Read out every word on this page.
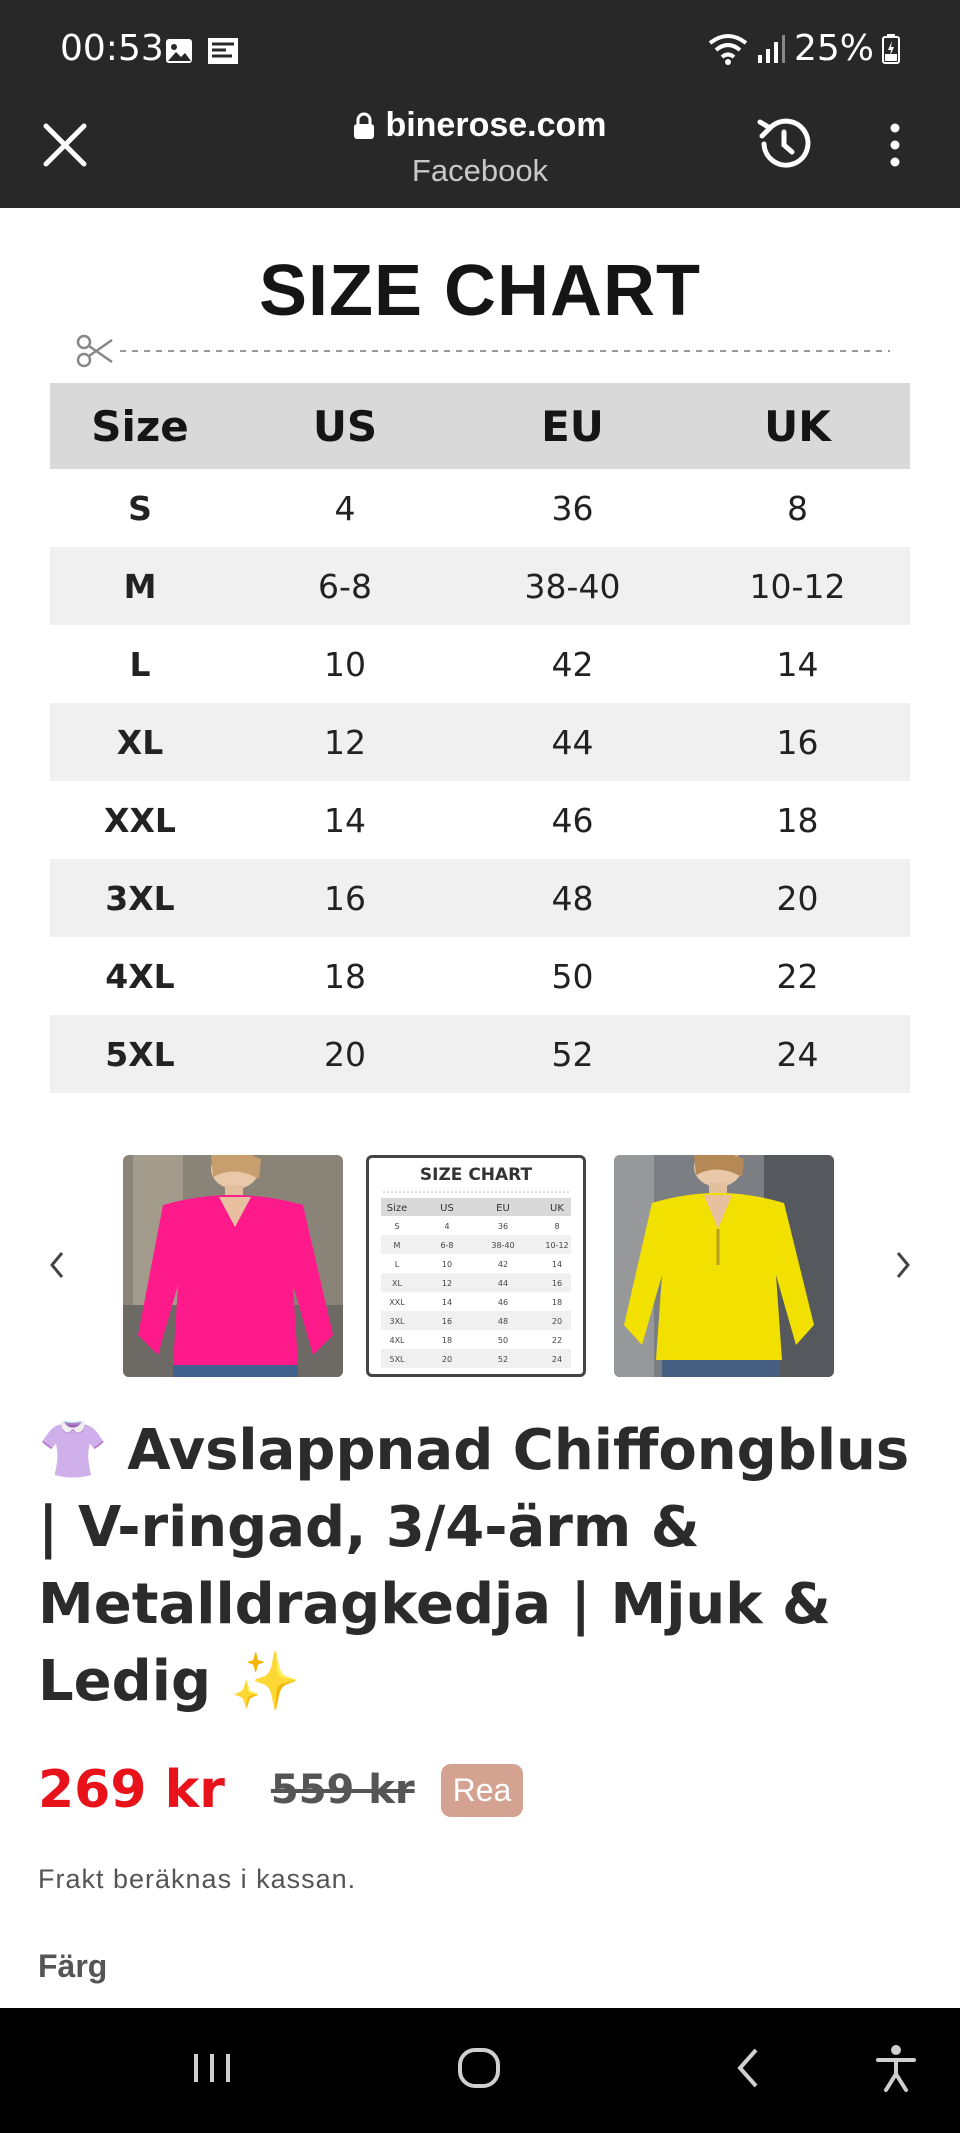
00:53	25%
binerose.com
Facebook
SIZE CHART
Size	US	EU	UK
S	4	36	8
M	6-8	38-40	10-12
L	10	42	14
XL	12	44	16
XXL	14	46	18
3XL	16	48	20
4XL	18	50	22
5XL	20	52	24
SIZE CHART
Size	US	EU	UK
S	4	36	8
M	6-8	38-40	10-12
L	10	42	14
XL	12	44	16
XXL	14	46	18
3XL	16	48	20
4XL	18	50	22
5XL	20	52	24
👚 Avslappnad Chiffongblus | V-ringad, 3/4-ärm & Metalldragkedja | Mjuk & Ledig ✨
269 kr 559 kr	Rea
Frakt beräknas i kassan.
Färg
